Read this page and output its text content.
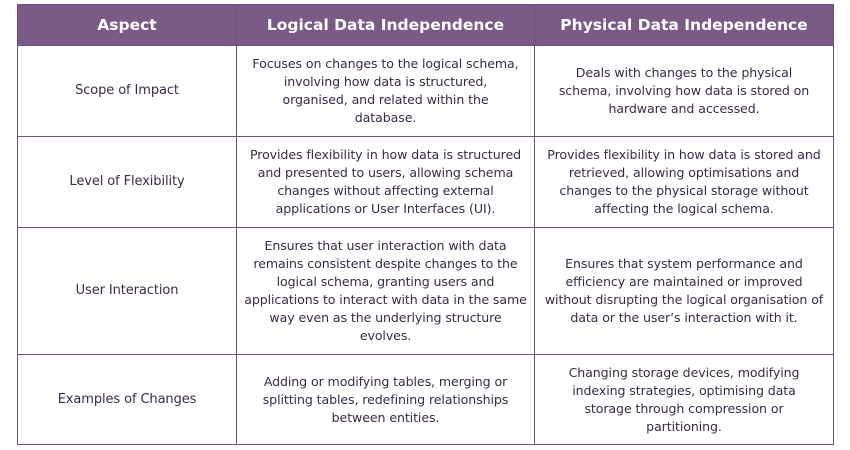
Aspect	Logical Data Independence	Physical Data Independence
Scope of Impact	Focuses on changes to the logical schema, involving how data is structured, organised, and related within the database.	Deals with changes to the physical schema, involving how data is stored on hardware and accessed.
Level of Flexibility	Provides flexibility in how data is structured and presented to users, allowing schema changes without affecting external applications or User Interfaces (UI).	Provides flexibility in how data is stored and retrieved, allowing optimisations and changes to the physical storage without affecting the logical schema.
User Interaction	Ensures that user interaction with data remains consistent despite changes to the logical schema, granting users and applications to interact with data in the same way even as the underlying structure evolves.	Ensures that system performance and efficiency are maintained or improved without disrupting the logical organisation of data or the user’s interaction with it.
Examples of Changes	Adding or modifying tables, merging or splitting tables, redefining relationships between entities.	Changing storage devices, modifying indexing strategies, optimising data storage through compression or partitioning.
